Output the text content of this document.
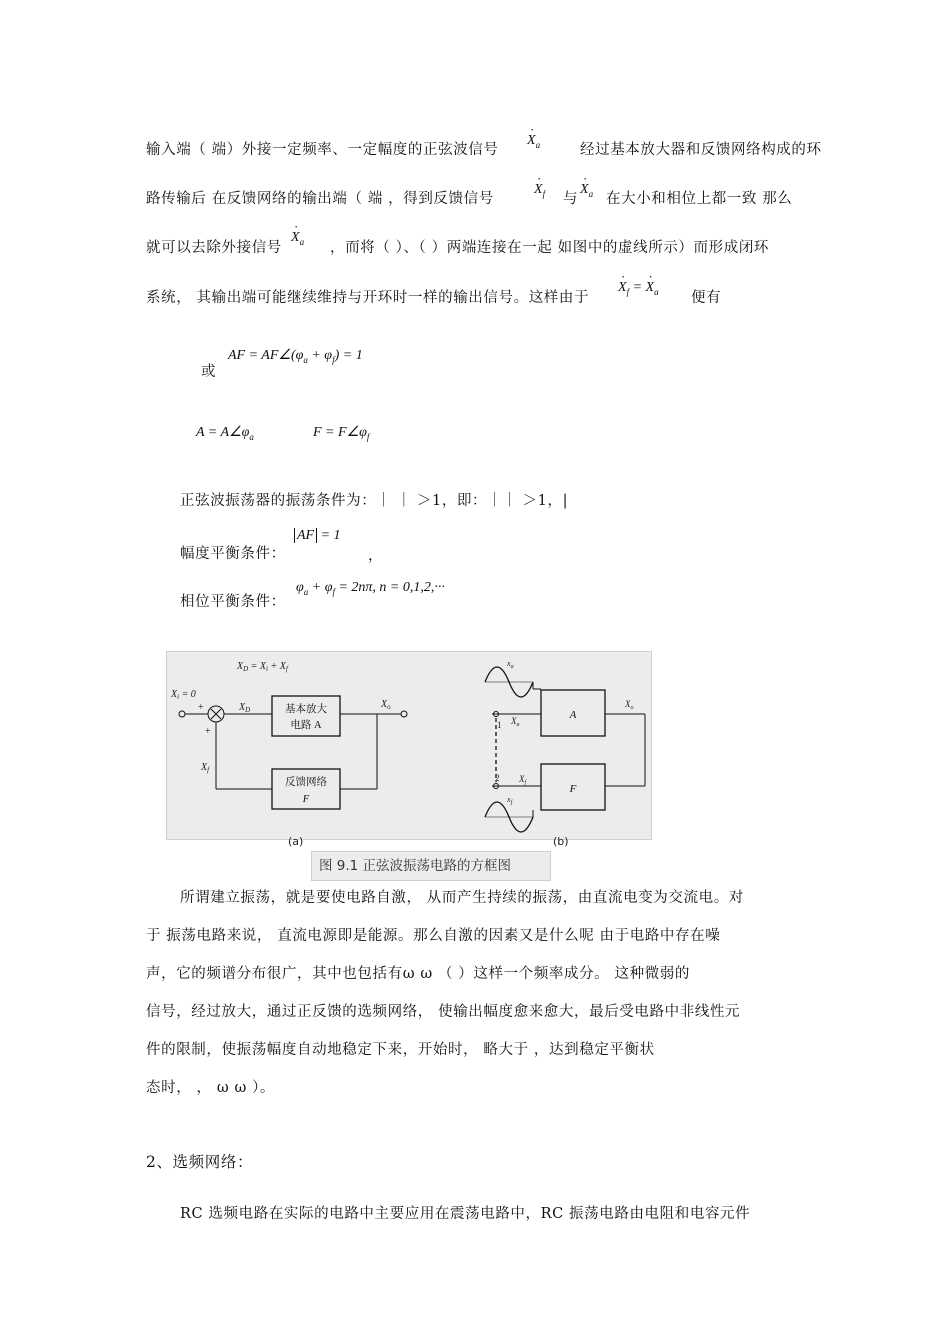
输入端（ 端）外接一定频率、一定幅度的正弦波信号
· $X_a$	经过基本放大器和反馈网络构成的环
路传输后 在反馈网络的输出端（ 端 ，得到反馈信号
· $X_f$ 与
· $X_a$ 在大小和相位上都一致 那么
就可以去除外接信号
· $X_a$ ，而将（ ）、（ ）两端连接在一起 如图中的虚线所示）而形成闭环
系统， 其输出端可能继续维持与开环时一样的输出信号。这样由于
· $X_f$ = · $X_a$ 便有
AF = $AF\angle(\varphi_a + \varphi_f) = 1$
或
$A = A\angle\varphi_a$	$F = F\angle\varphi_f$
正弦波振荡器的振荡条件为：｜ ｜ ＞1，即：｜｜ ＞1，|
幅度平衡条件：
AF = 1
，
相位平衡条件：
$\varphi_a + \varphi_f = 2n\pi$, n = 0,1,2,···
$X_D = X_i + X_f$
$X_i = 0$
+
+
$X_D$	基本放大
电路 A
$X_o$
反馈网络
F
$X_f$
$x_a$
1 $X_a$
A
$X_o$
F
2 $X_f$
$x_f$
(a)	(b)
图 9.1 正弦波振荡电路的方框图
所谓建立振荡，就是要使电路自激， 从而产生持续的振荡，由直流电变为交流电。对
于 振荡电路来说， 直流电源即是能源。那么自激的因素又是什么呢 由于电路中存在噪
声，它的频谱分布很广，其中也包括有ω ω （ ）这样一个频率成分。 这种微弱的
信号，经过放大，通过正反馈的选频网络， 使输出幅度愈来愈大，最后受电路中非线性元
件的限制，使振荡幅度自动地稳定下来，开始时， 略大于 ，达到稳定平衡状
态时， ， ω ω ）。
2、选频网络：
RC 选频电路在实际的电路中主要应用在震荡电路中，RC 振荡电路由电阻和电容元件
